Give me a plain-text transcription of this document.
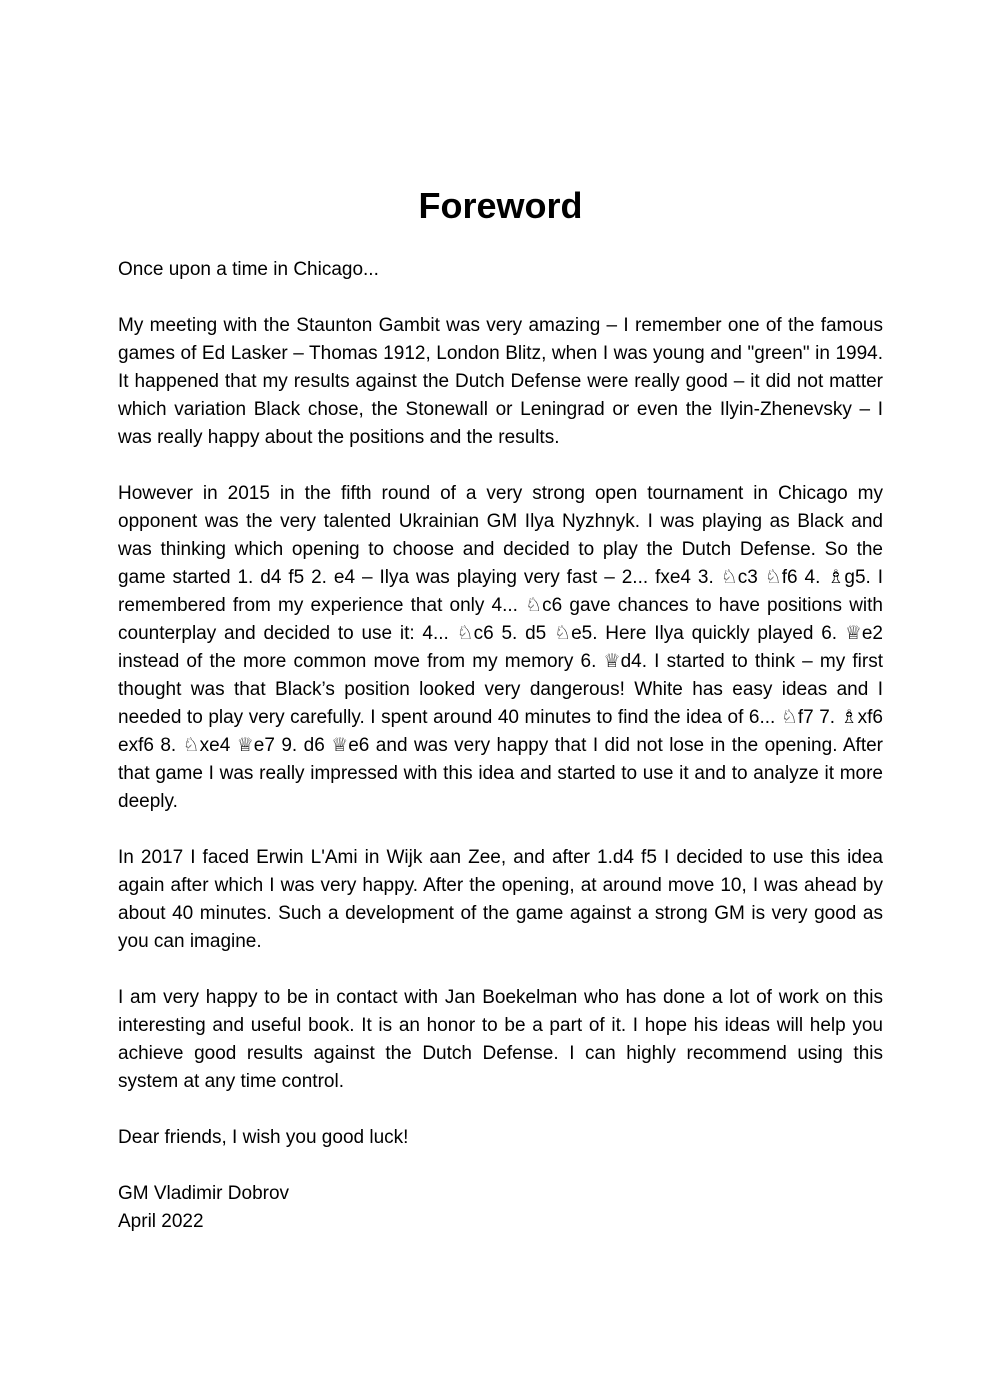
Foreword

Once upon a time in Chicago...

My meeting with the Staunton Gambit was very amazing – I remember one of the famous games of Ed Lasker – Thomas 1912, London Blitz, when I was young and "green" in 1994. It happened that my results against the Dutch Defense were really good – it did not matter which variation Black chose, the Stonewall or Leningrad or even the Ilyin-Zhenevsky – I was really happy about the positions and the results.

However in 2015 in the fifth round of a very strong open tournament in Chicago my opponent was the very talented Ukrainian GM Ilya Nyzhnyk. I was playing as Black and was thinking which opening to choose and decided to play the Dutch Defense. So the game started 1. d4 f5 2. e4 – Ilya was playing very fast – 2... fxe4 3. ♘c3 ♘f6 4. ♗g5. I remembered from my experience that only 4... ♘c6 gave chances to have positions with counterplay and decided to use it: 4... ♘c6 5. d5 ♘e5. Here Ilya quickly played 6. ♕e2 instead of the more common move from my memory 6. ♕d4. I started to think – my first thought was that Black’s position looked very dangerous! White has easy ideas and I needed to play very carefully. I spent around 40 minutes to find the idea of 6... ♘f7 7. ♗xf6 exf6 8. ♘xe4 ♕e7 9. d6 ♕e6 and was very happy that I did not lose in the opening. After that game I was really impressed with this idea and started to use it and to analyze it more deeply.

In 2017 I faced Erwin L'Ami in Wijk aan Zee, and after 1.d4 f5 I decided to use this idea again after which I was very happy. After the opening, at around move 10, I was ahead by about 40 minutes. Such a development of the game against a strong GM is very good as you can imagine.

I am very happy to be in contact with Jan Boekelman who has done a lot of work on this interesting and useful book. It is an honor to be a part of it. I hope his ideas will help you achieve good results against the Dutch Defense. I can highly recommend using this system at any time control.

Dear friends, I wish you good luck!

GM Vladimir Dobrov

April 2022
